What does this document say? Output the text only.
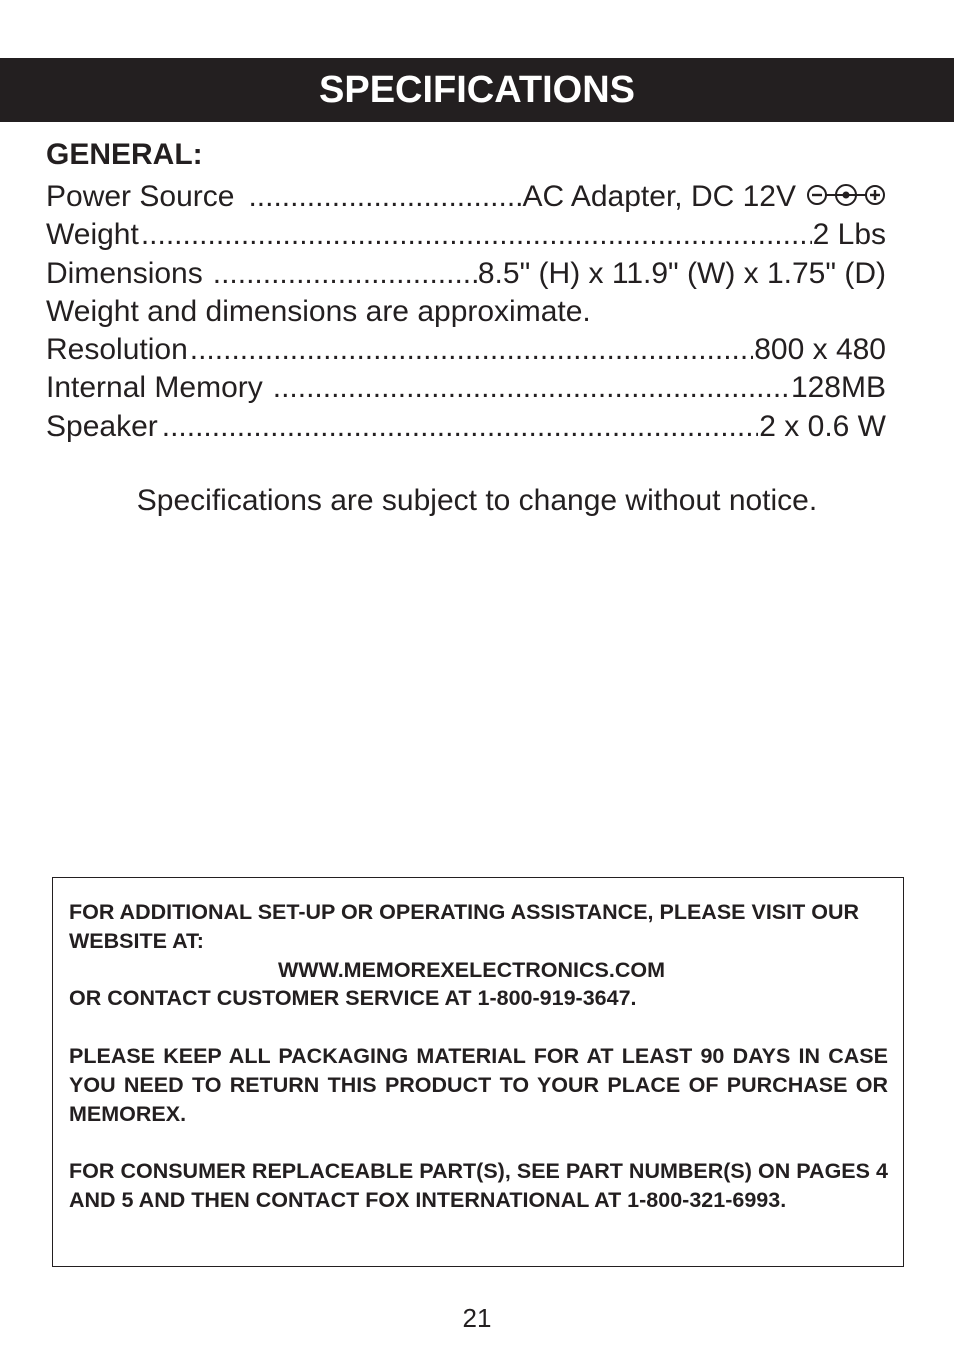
SPECIFICATIONS
GENERAL:
Power Source .....	AC Adapter, DC 12V
Weight .....	2 Lbs
Dimensions .....	8.5" (H) x 11.9" (W) x 1.75" (D)
Weight and dimensions are approximate.
Resolution .....	800 x 480
Internal Memory .....	128MB
Speaker .....	2 x 0.6 W
Specifications are subject to change without notice.
FOR ADDITIONAL SET-UP OR OPERATING ASSISTANCE, PLEASE VISIT OUR WEBSITE AT:
WWW.MEMOREXELECTRONICS.COM
OR CONTACT CUSTOMER SERVICE AT 1-800-919-3647.
PLEASE KEEP ALL PACKAGING MATERIAL FOR AT LEAST 90 DAYS IN CASE YOU NEED TO RETURN THIS PRODUCT TO YOUR PLACE OF PURCHASE OR MEMOREX.
FOR CONSUMER REPLACEABLE PART(S), SEE PART NUMBER(S) ON PAGES 4 AND 5 AND THEN CONTACT FOX INTERNATIONAL AT 1-800-321-6993.
21
